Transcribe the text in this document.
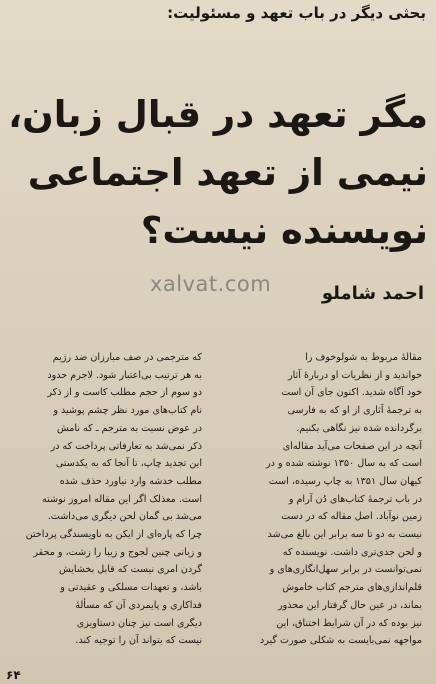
بحثی دیگر در باب تعهد و مسئولیت:
مگر تعهد در قبال زبان،
نیمی از تعهد اجتماعی
نویسنده نیست؟
xalvat.com	احمد شاملو

مقالهٔ مربوط به شولوخوف را

خواندید و از نظریات او دربارهٔ آثار

خود آگاه شدید. اکنون جای آن است

به ترجمهٔ آثاری از او که به فارسی

برگردانده شده نیز نگاهی بکنیم.

آنچه در این صفحات می‌آید مقاله‌ای

است که به سال ۱۳۵۰ نوشته شده و در

کیهان سال ۱۳۵۱ به چاپ رسیده، است

در باب ترجمهٔ کتاب‌های دُن آرام و

زمین نوآباد. اصل مقاله که در دست

نیست به دو تا سه برابر این بالغ می‌شد

و لحن جدی‌تری داشت. نویسنده که

نمی‌توانست در برابر سهل‌انگاری‌های و

قلم‌اندازی‌های مترجم کتاب خاموش

بماند، در عین حال گرفتار این محذور

نیز بوده که در آن شرایط اختناق، این

مواجهه نمی‌بایست به شکلی صورت گیرد

که مترجمی در صف مبارزان ضد رژیم

به هر ترتیب بی‌اعتبار شود. لاجرم حدود

دو سوم از حجم مطلب کاست و از ذکر

نام کتاب‌های مورد نظر چشم پوشید و

در عوض نسبت به مترجم ـ که نامش

ذکر نمی‌شد به تعارفاتی پرداخت که در

این تجدید چاپ، تا آنجا که به یکدستی

مطلب خدشه وارد نیاورد حذف شده

است. معذلک اگر این مقاله امروز نوشته

می‌شد بی گمان لحن دیگری می‌داشت.

چرا که پاره‌ای از ایکن به ناویسندگی پرداختن

و زبانی چنین لجوج و زیبا را زشت، و محقر

گردن امری نیست که قابل بخشایش

باشد، و تعهدات مسلکی و عقیدتی و

فداکاری و پایمردی آن که مسألهٔ

دیگری است نیز چنان دستاویزی

نیست که بتواند آن را توجیه کند.

۶۴
